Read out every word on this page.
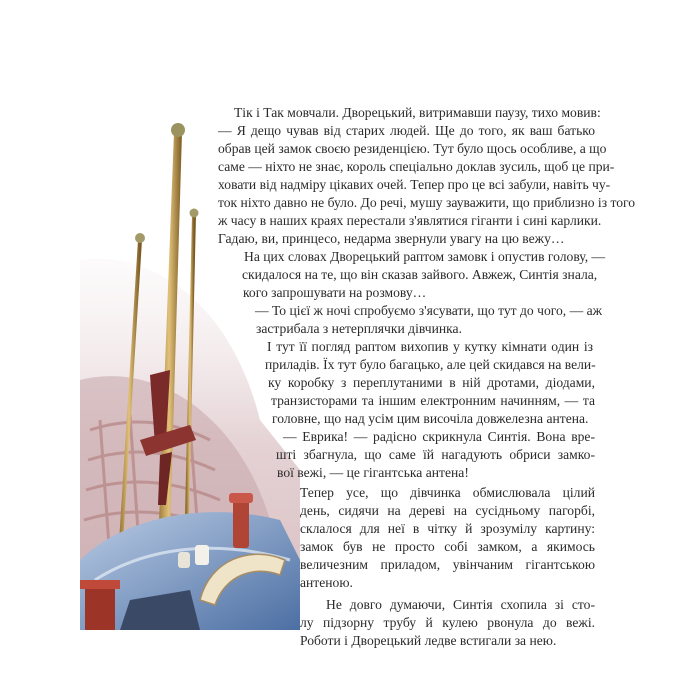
Тік і Так мовчали. Дворецький, витримавши паузу, тихо мовив:
— Я дещо чував від старих людей. Ще до того, як ваш батько
обрав цей замок своєю резиденцією. Тут було щось особливе, а що
саме — ніхто не знає, король спеціально доклав зусиль, щоб це при-
ховати від надміру цікавих очей. Тепер про це всі забули, навіть чу-
ток ніхто давно не було. До речі, мушу зауважити, що приблизно із того
ж часу в наших краях перестали з'являтися гіганти і сині карлики.
Гадаю, ви, принцесо, недарма звернули увагу на цю вежу…
На цих словах Дворецький раптом замовк і опустив голову, —
скидалося на те, що він сказав зайвого. Авжеж, Синтія знала,
кого запрошувати на розмову…
— То цієї ж ночі спробуємо з'ясувати, що тут до чого, — аж
застрибала з нетерплячки дівчинка.
І тут її погляд раптом вихопив у кутку кімнати один із
приладів. Їх тут було багацько, але цей скидався на вели-
ку коробку з переплутаними в ній дротами, діодами,
транзисторами та іншим електронним начинням, — та
головне, що над усім цим височіла довжелезна антена.
— Еврика! — радісно скрикнула Синтія. Вона вре-
шті збагнула, що саме їй нагадують обриси замко-
вої вежі, — це гігантська антена!
Тепер усе, що дівчинка обмислювала цілий
день, сидячи на дереві на сусідньому пагорбі,
склалося для неї в чітку й зрозумілу картину:
замок був не просто собі замком, а якимось
величезним приладом, увінчаним гігантською
антеною.
Не довго думаючи, Синтія схопила зі сто-
лу підзорну трубу й кулею рвонула до вежі.
Роботи і Дворецький ледве встигали за нею.
